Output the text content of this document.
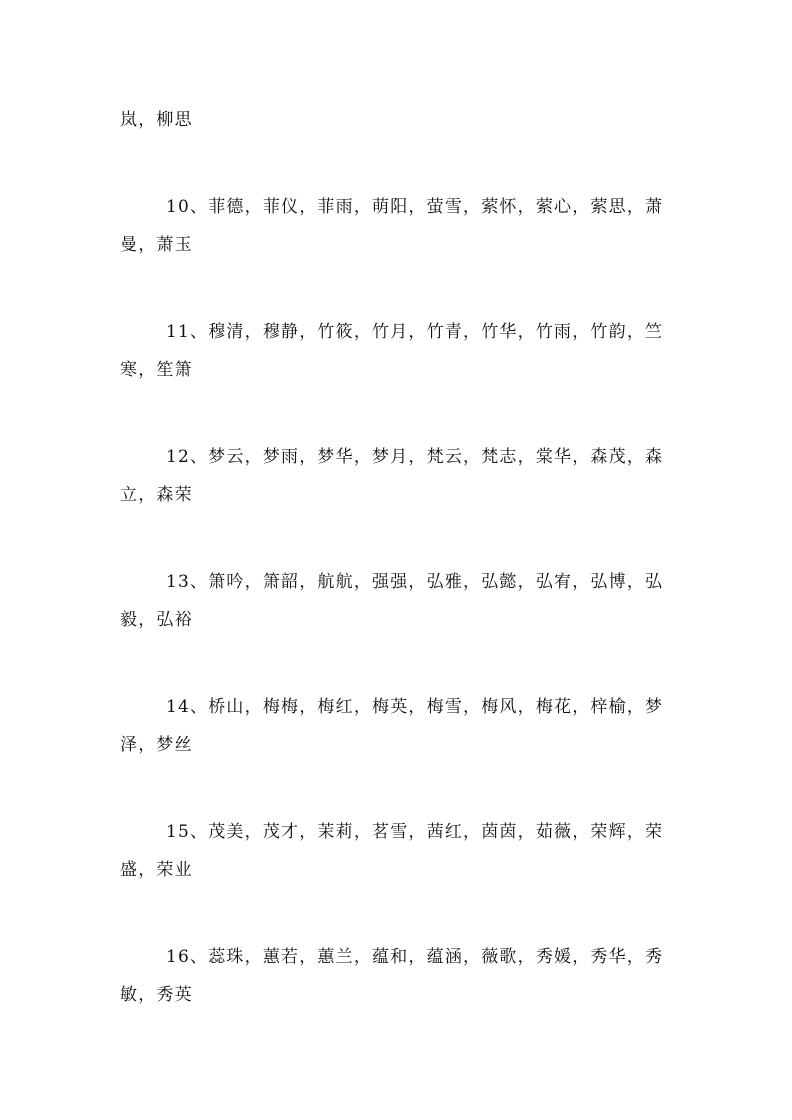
岚，柳思

10、菲德，菲仪，菲雨，萌阳，萤雪，萦怀，萦心，萦思，萧
曼，萧玉
11、穆清，穆静，竹筱，竹月，竹青，竹华，竹雨，竹韵，竺
寒，笙箫
12、梦云，梦雨，梦华，梦月，梵云，梵志，棠华，森茂，森
立，森荣
13、箫吟，箫韶，航航，强强，弘雅，弘懿，弘宥，弘博，弘
毅，弘裕
14、桥山，梅梅，梅红，梅英，梅雪，梅风，梅花，梓榆，梦
泽，梦丝
15、茂美，茂才，茉莉，茗雪，茜红，茵茵，茹薇，荣辉，荣
盛，荣业
16、蕊珠，蕙若，蕙兰，蕴和，蕴涵，薇歌，秀媛，秀华，秀
敏，秀英
